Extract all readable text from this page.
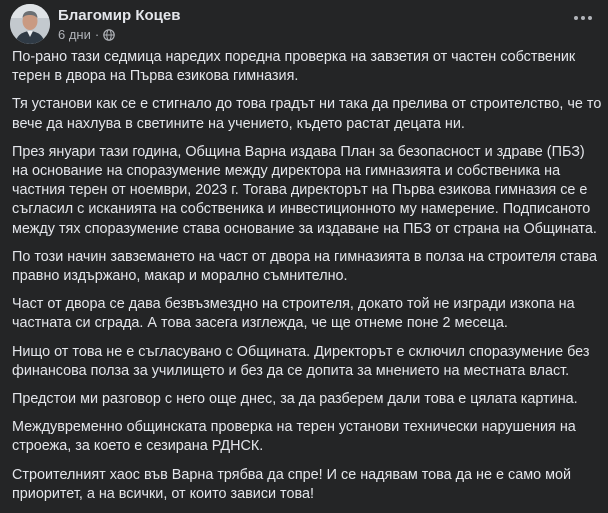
Благомир Коцев
6 дни ·

По-рано тази седмица наредих поредна проверка на завзетия от частен собственик терен в двора на Първа езикова гимназия.

Тя установи как се е стигнало до това градът ни така да прелива от строителство, че то вече да нахлува в светините на учението, където растат децата ни.

През януари тази година, Община Варна издава План за безопасност и здраве (ПБЗ) на основание на споразумение между директора на гимназията и собственика на частния терен от ноември, 2023 г. Тогава директорът на Първа езикова гимназия се е съгласил с исканията на собственика и инвестиционнoто му намерение. Подписаното между тях споразумение става основание за издаване на ПБЗ от страна на Общината.

По този начин завземането на част от двора на гимназията в полза на строителя става правно издържано, макар и морално съмнително.

Част от двора се дава безвъзмездно на строителя, докато той не изгради изкопа на частната си сграда. А това засега изглежда, че ще отнеме поне 2 месеца.

Нищо от това не е съгласувано с Общината. Директорът е сключил споразумение без финансова полза за училището и без да се допита за мнението на местната власт.

Предстои ми разговор с него още днес, за да разберем дали това е цялата картина.

Междувременно общинската проверка на терен установи технически нарушения на строежа, за което е сезирана РДНСК.

Строителният хаос във Варна трябва да спре! И се надявам това да не е само мой приоритет, а на всички, от които зависи това!
